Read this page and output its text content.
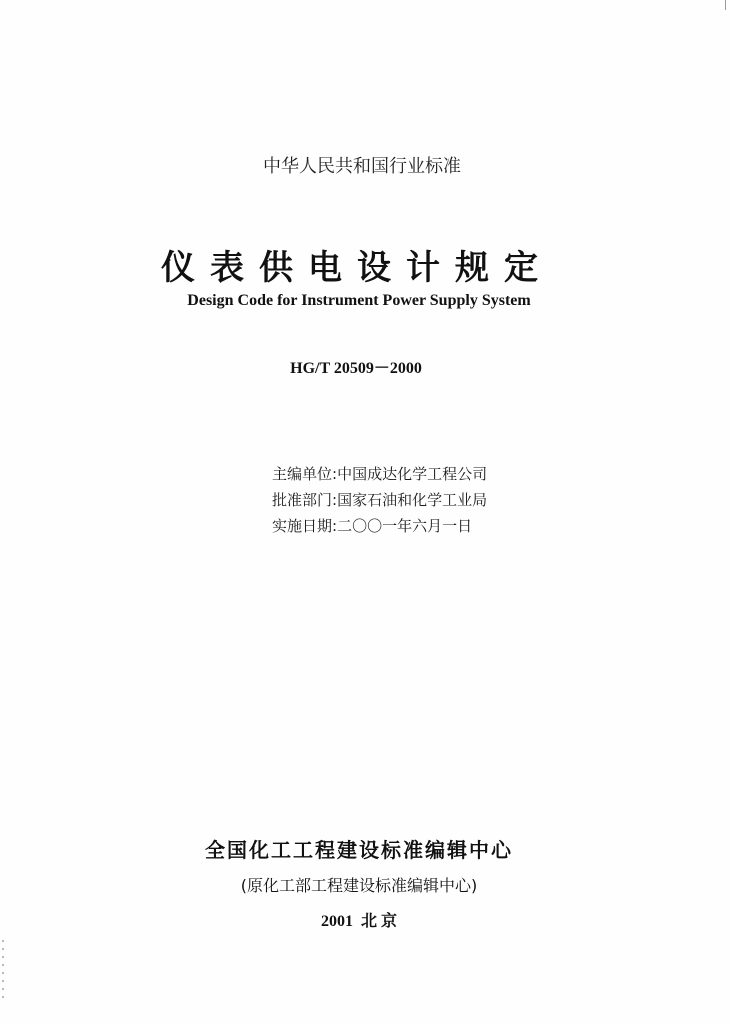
中华人民共和国行业标准
仪表供电设计规定
Design Code for Instrument Power Supply System
HG/T 20509－2000
主编单位:中国成达化学工程公司
批准部门:国家石油和化学工业局
实施日期:二〇〇一年六月一日
全国化工工程建设标准编辑中心
(原化工部工程建设标准编辑中心)
2001 北 京
